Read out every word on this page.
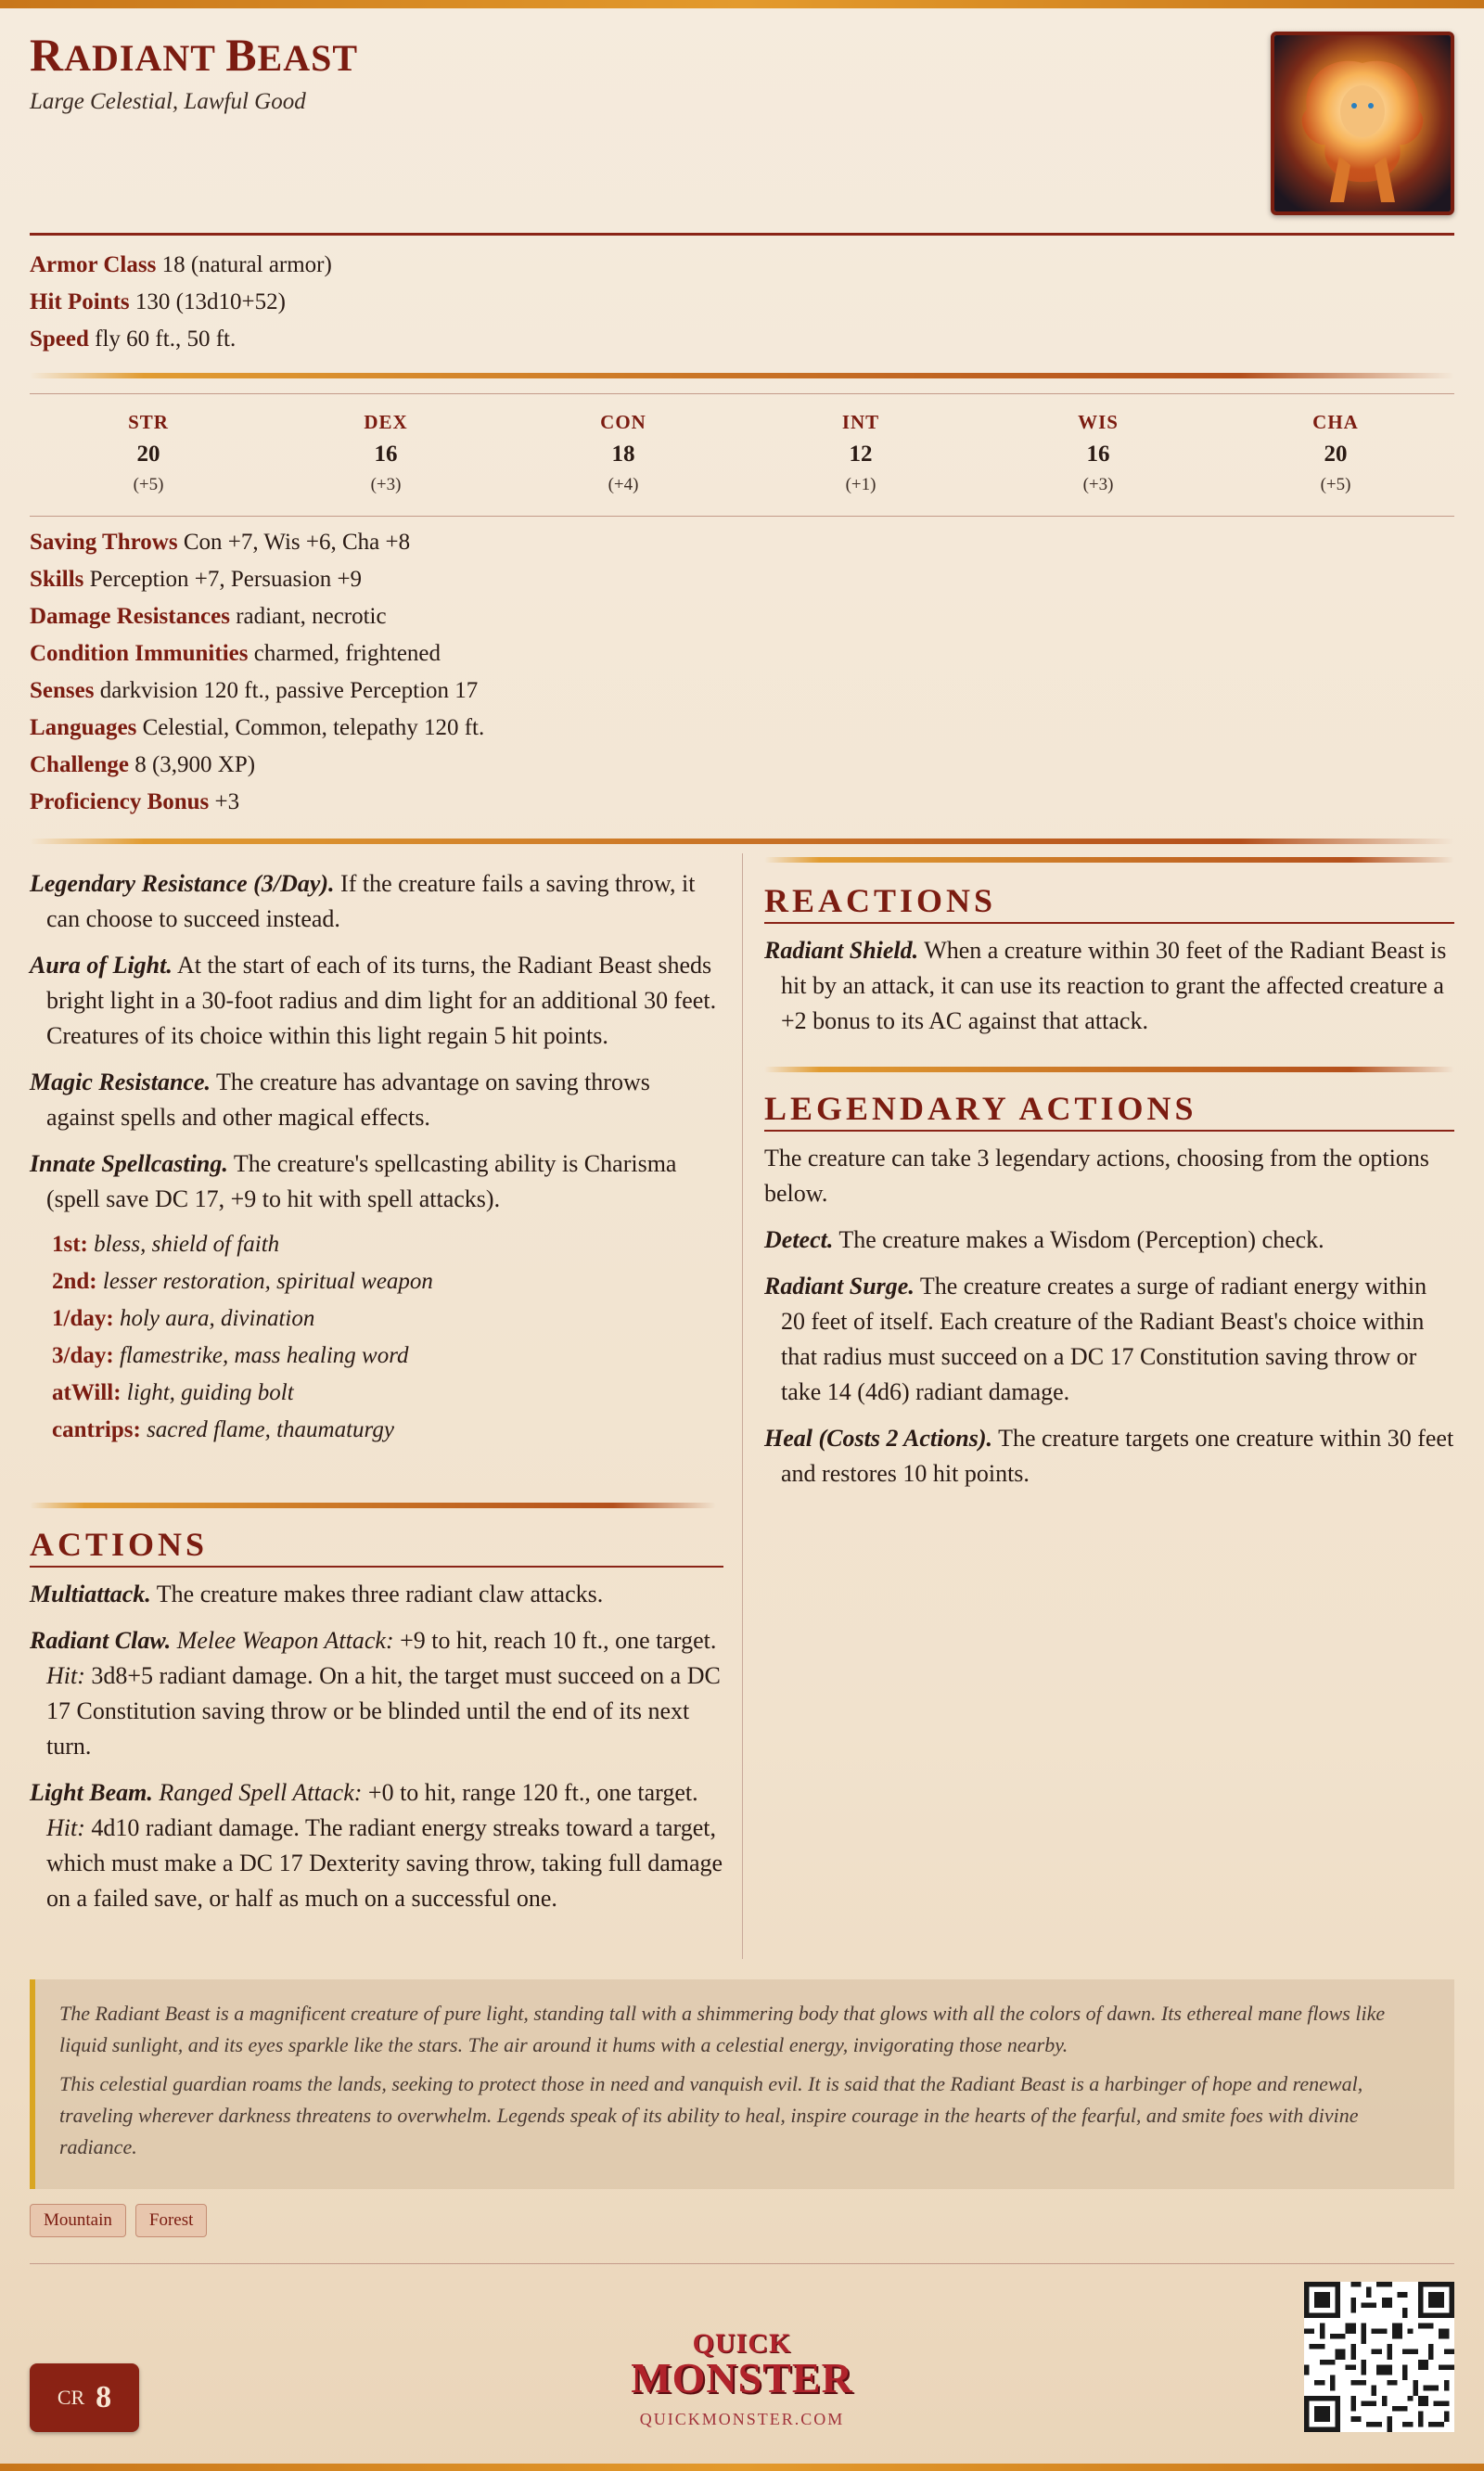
RADIANT BEAST
Large Celestial, Lawful Good
Armor Class 18 (natural armor)
Hit Points 130 (13d10+52)
Speed fly 60 ft., 50 ft.
STR
20
(+5)
DEX
16
(+3)
CON
18
(+4)
INT
12
(+1)
WIS
16
(+3)
CHA
20
(+5)
Saving Throws Con +7, Wis +6, Cha +8
Skills Perception +7, Persuasion +9
Damage Resistances radiant, necrotic
Condition Immunities charmed, frightened
Senses darkvision 120 ft., passive Perception 17
Languages Celestial, Common, telepathy 120 ft.
Challenge 8 (3,900 XP)
Proficiency Bonus +3

Legendary Resistance (3/Day). If the creature fails a saving throw, it can choose to succeed instead.

Aura of Light. At the start of each of its turns, the Radiant Beast sheds bright light in a 30-foot radius and dim light for an additional 30 feet. Creatures of its choice within this light regain 5 hit points.

Magic Resistance. The creature has advantage on saving throws against spells and other magical effects.

Innate Spellcasting. The creature's spellcasting ability is Charisma (spell save DC 17, +9 to hit with spell attacks).

1st: bless, shield of faith
2nd: lesser restoration, spiritual weapon
1/day: holy aura, divination
3/day: flamestrike, mass healing word
atWill: light, guiding bolt
cantrips: sacred flame, thaumaturgy
ACTIONS

Multiattack. The creature makes three radiant claw attacks.

Radiant Claw. Melee Weapon Attack: +9 to hit, reach 10 ft., one target. Hit: 3d8+5 radiant damage. On a hit, the target must succeed on a DC 17 Constitution saving throw or be blinded until the end of its next turn.

Light Beam. Ranged Spell Attack: +0 to hit, range 120 ft., one target. Hit: 4d10 radiant damage. The radiant energy streaks toward a target, which must make a DC 17 Dexterity saving throw, taking full damage on a failed save, or half as much on a successful one.

REACTIONS

Radiant Shield. When a creature within 30 feet of the Radiant Beast is hit by an attack, it can use its reaction to grant the affected creature a +2 bonus to its AC against that attack.

LEGENDARY ACTIONS
The creature can take 3 legendary actions, choosing from the options below.

Detect. The creature makes a Wisdom (Perception) check.

Radiant Surge. The creature creates a surge of radiant energy within 20 feet of itself. Each creature of the Radiant Beast's choice within that radius must succeed on a DC 17 Constitution saving throw or take 14 (4d6) radiant damage.

Heal (Costs 2 Actions). The creature targets one creature within 30 feet and restores 10 hit points.

The Radiant Beast is a magnificent creature of pure light, standing tall with a shimmering body that glows with all the colors of dawn. Its ethereal mane flows like liquid sunlight, and its eyes sparkle like the stars. The air around it hums with a celestial energy, invigorating those nearby.

This celestial guardian roams the lands, seeking to protect those in need and vanquish evil. It is said that the Radiant Beast is a harbinger of hope and renewal, traveling wherever darkness threatens to overwhelm. Legends speak of its ability to heal, inspire courage in the hearts of the fearful, and smite foes with divine radiance.

Mountain	Forest
CR 8
QUICK
MONSTER
QUICKMONSTER.COM
